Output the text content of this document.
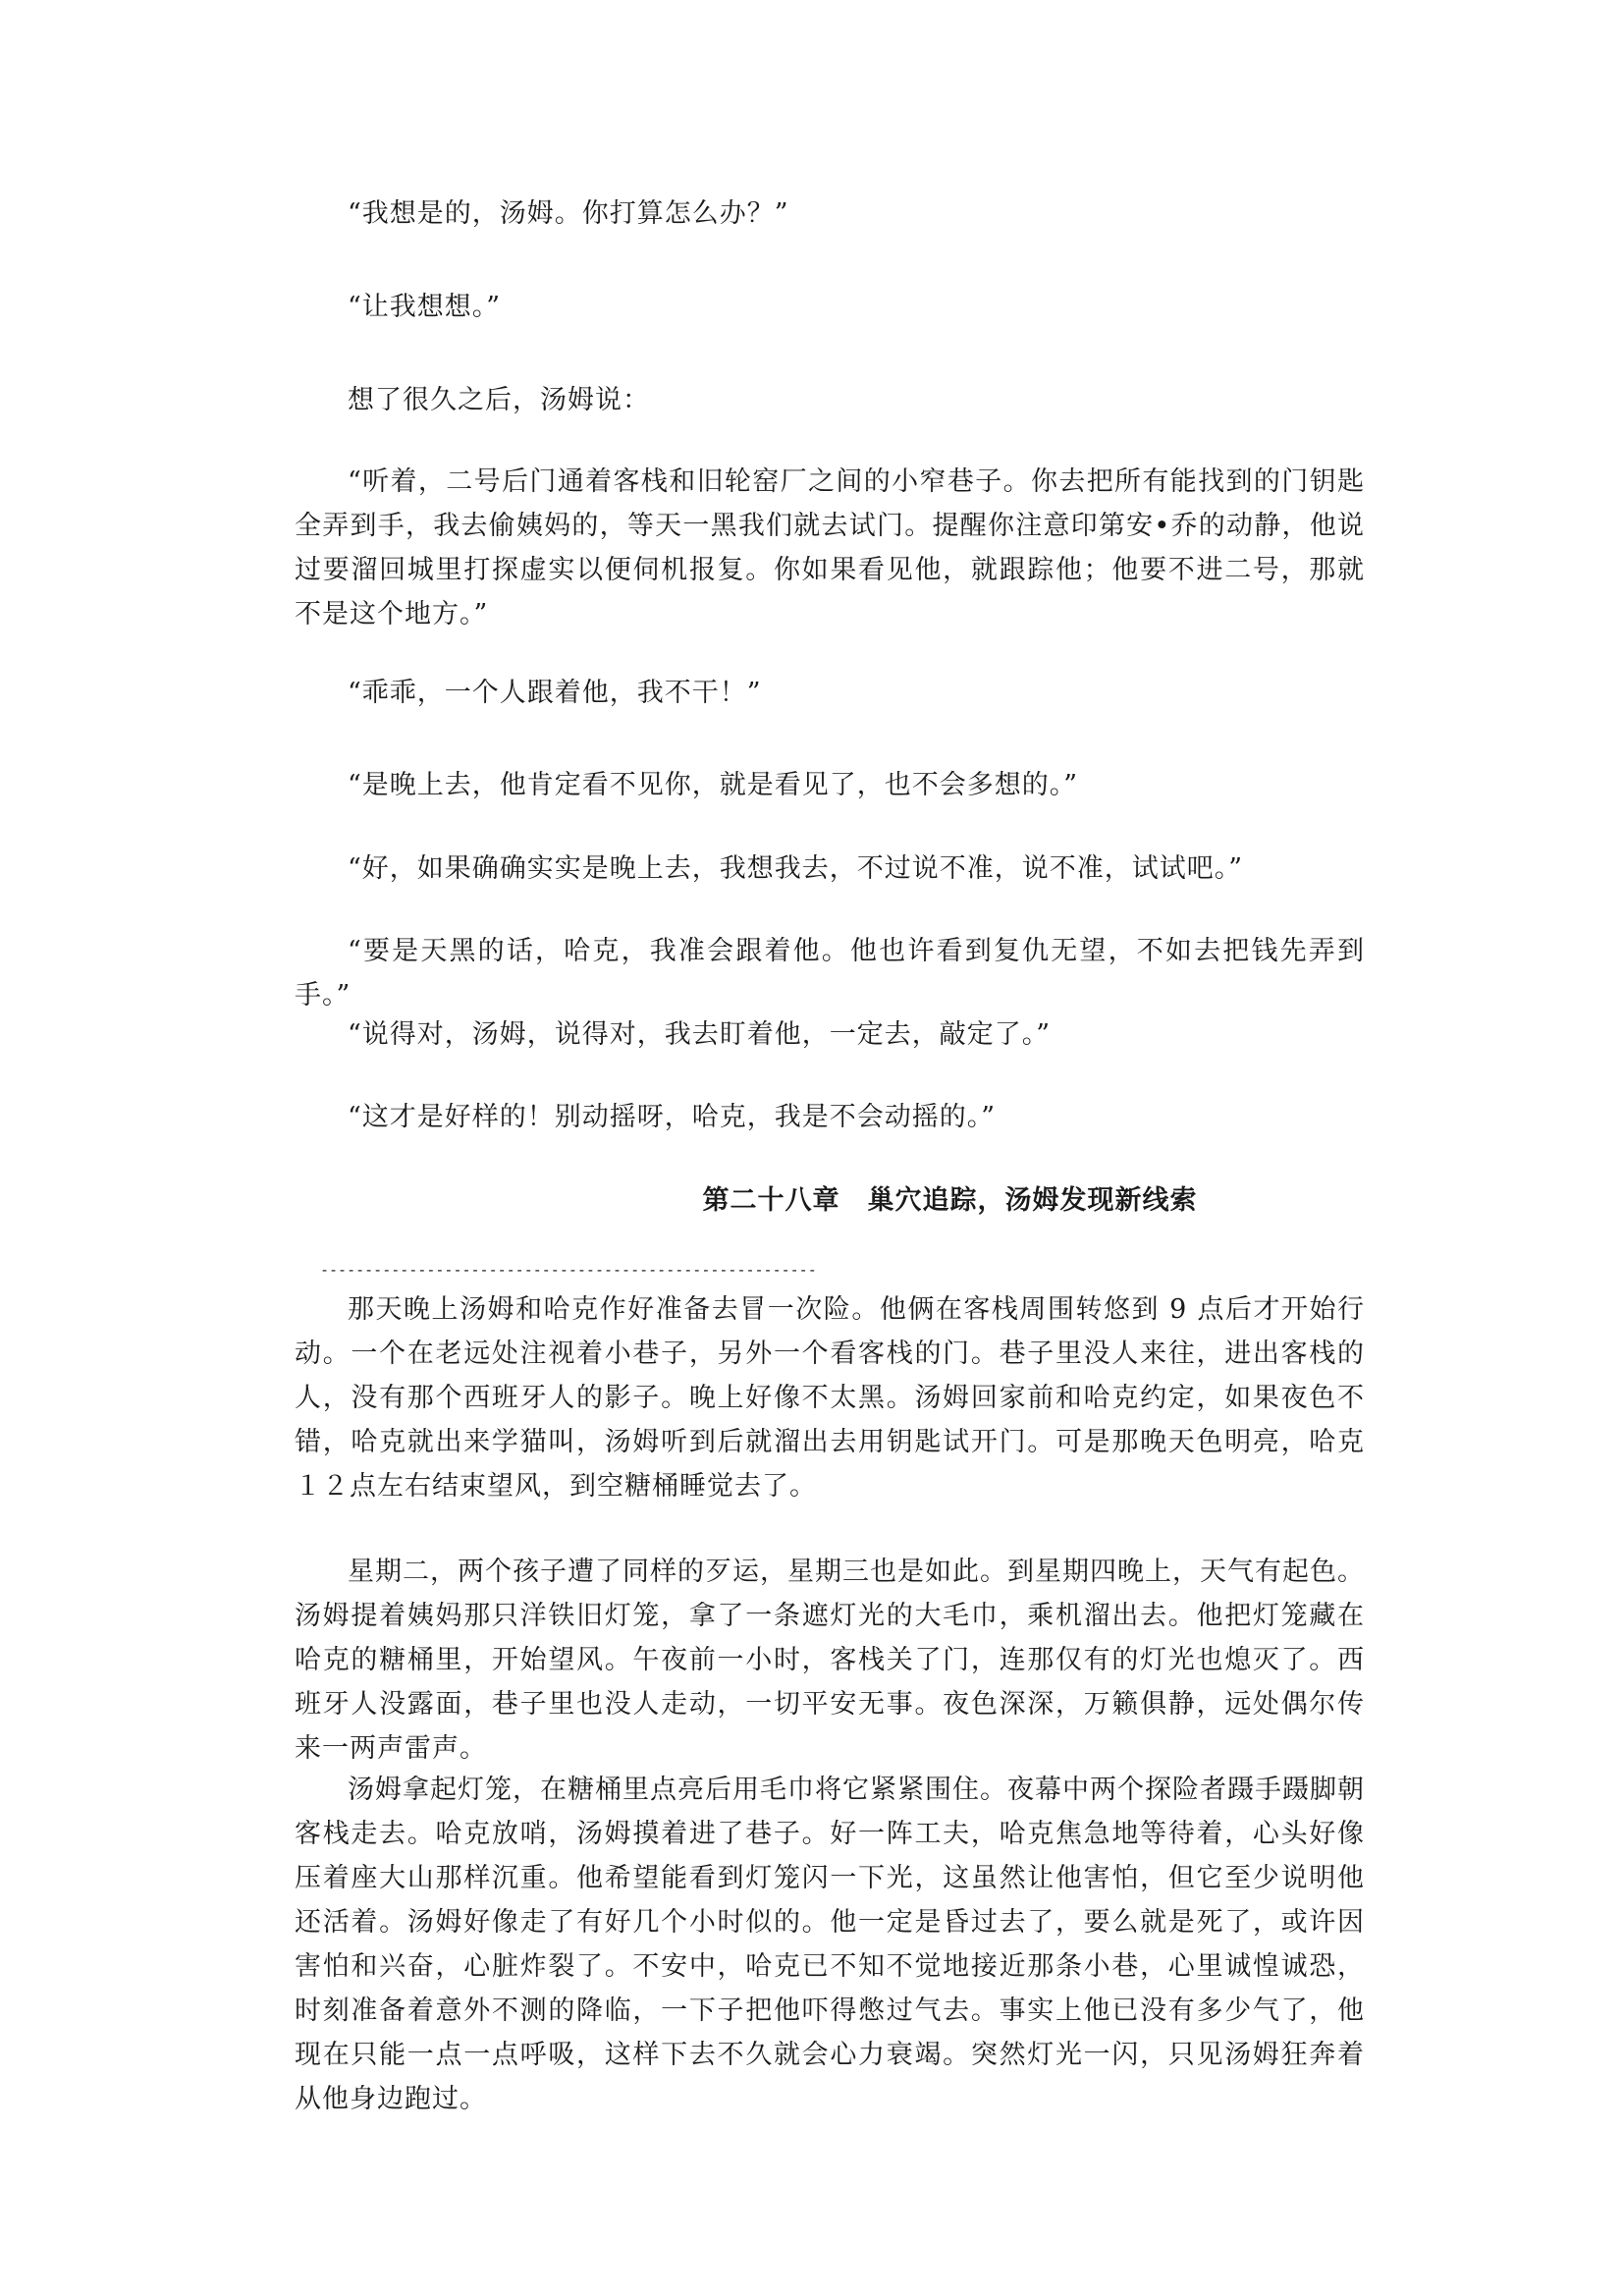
“我想是的，汤姆。你打算怎么办？”

“让我想想。”

想了很久之后，汤姆说：

“听着，二号后门通着客栈和旧轮窑厂之间的小窄巷子。你去把所有能找到的门钥匙全弄到手，我去偷姨妈的，等天一黑我们就去试门。提醒你注意印第安•乔的动静，他说过要溜回城里打探虚实以便伺机报复。你如果看见他，就跟踪他；他要不进二号，那就不是这个地方。”

“乖乖，一个人跟着他，我不干！”

“是晚上去，他肯定看不见你，就是看见了，也不会多想的。”

“好，如果确确实实是晚上去，我想我去，不过说不准，说不准，试试吧。”

“要是天黑的话，哈克，我准会跟着他。他也许看到复仇无望，不如去把钱先弄到手。”

“说得对，汤姆，说得对，我去盯着他，一定去，敲定了。”

“这才是好样的！别动摇呀，哈克，我是不会动摇的。”

第二十八章　巢穴追踪，汤姆发现新线索
--------------------------------------------------------

那天晚上汤姆和哈克作好准备去冒一次险。他俩在客栈周围转悠到 9 点后才开始行动。一个在老远处注视着小巷子，另外一个看客栈的门。巷子里没人来往，进出客栈的人，没有那个西班牙人的影子。晚上好像不太黑。汤姆回家前和哈克约定，如果夜色不错，哈克就出来学猫叫，汤姆听到后就溜出去用钥匙试开门。可是那晚天色明亮，哈克１２点左右结束望风，到空糖桶睡觉去了。

星期二，两个孩子遭了同样的歹运，星期三也是如此。到星期四晚上，天气有起色。汤姆提着姨妈那只洋铁旧灯笼，拿了一条遮灯光的大毛巾，乘机溜出去。他把灯笼藏在哈克的糖桶里，开始望风。午夜前一小时，客栈关了门，连那仅有的灯光也熄灭了。西班牙人没露面，巷子里也没人走动，一切平安无事。夜色深深，万籁俱静，远处偶尔传来一两声雷声。

汤姆拿起灯笼，在糖桶里点亮后用毛巾将它紧紧围住。夜幕中两个探险者蹑手蹑脚朝客栈走去。哈克放哨，汤姆摸着进了巷子。好一阵工夫，哈克焦急地等待着，心头好像压着座大山那样沉重。他希望能看到灯笼闪一下光，这虽然让他害怕，但它至少说明他还活着。汤姆好像走了有好几个小时似的。他一定是昏过去了，要么就是死了，或许因害怕和兴奋，心脏炸裂了。不安中，哈克已不知不觉地接近那条小巷，心里诚惶诚恐，时刻准备着意外不测的降临，一下子把他吓得憋过气去。事实上他已没有多少气了，他现在只能一点一点呼吸，这样下去不久就会心力衰竭。突然灯光一闪，只见汤姆狂奔着从他身边跑过。
